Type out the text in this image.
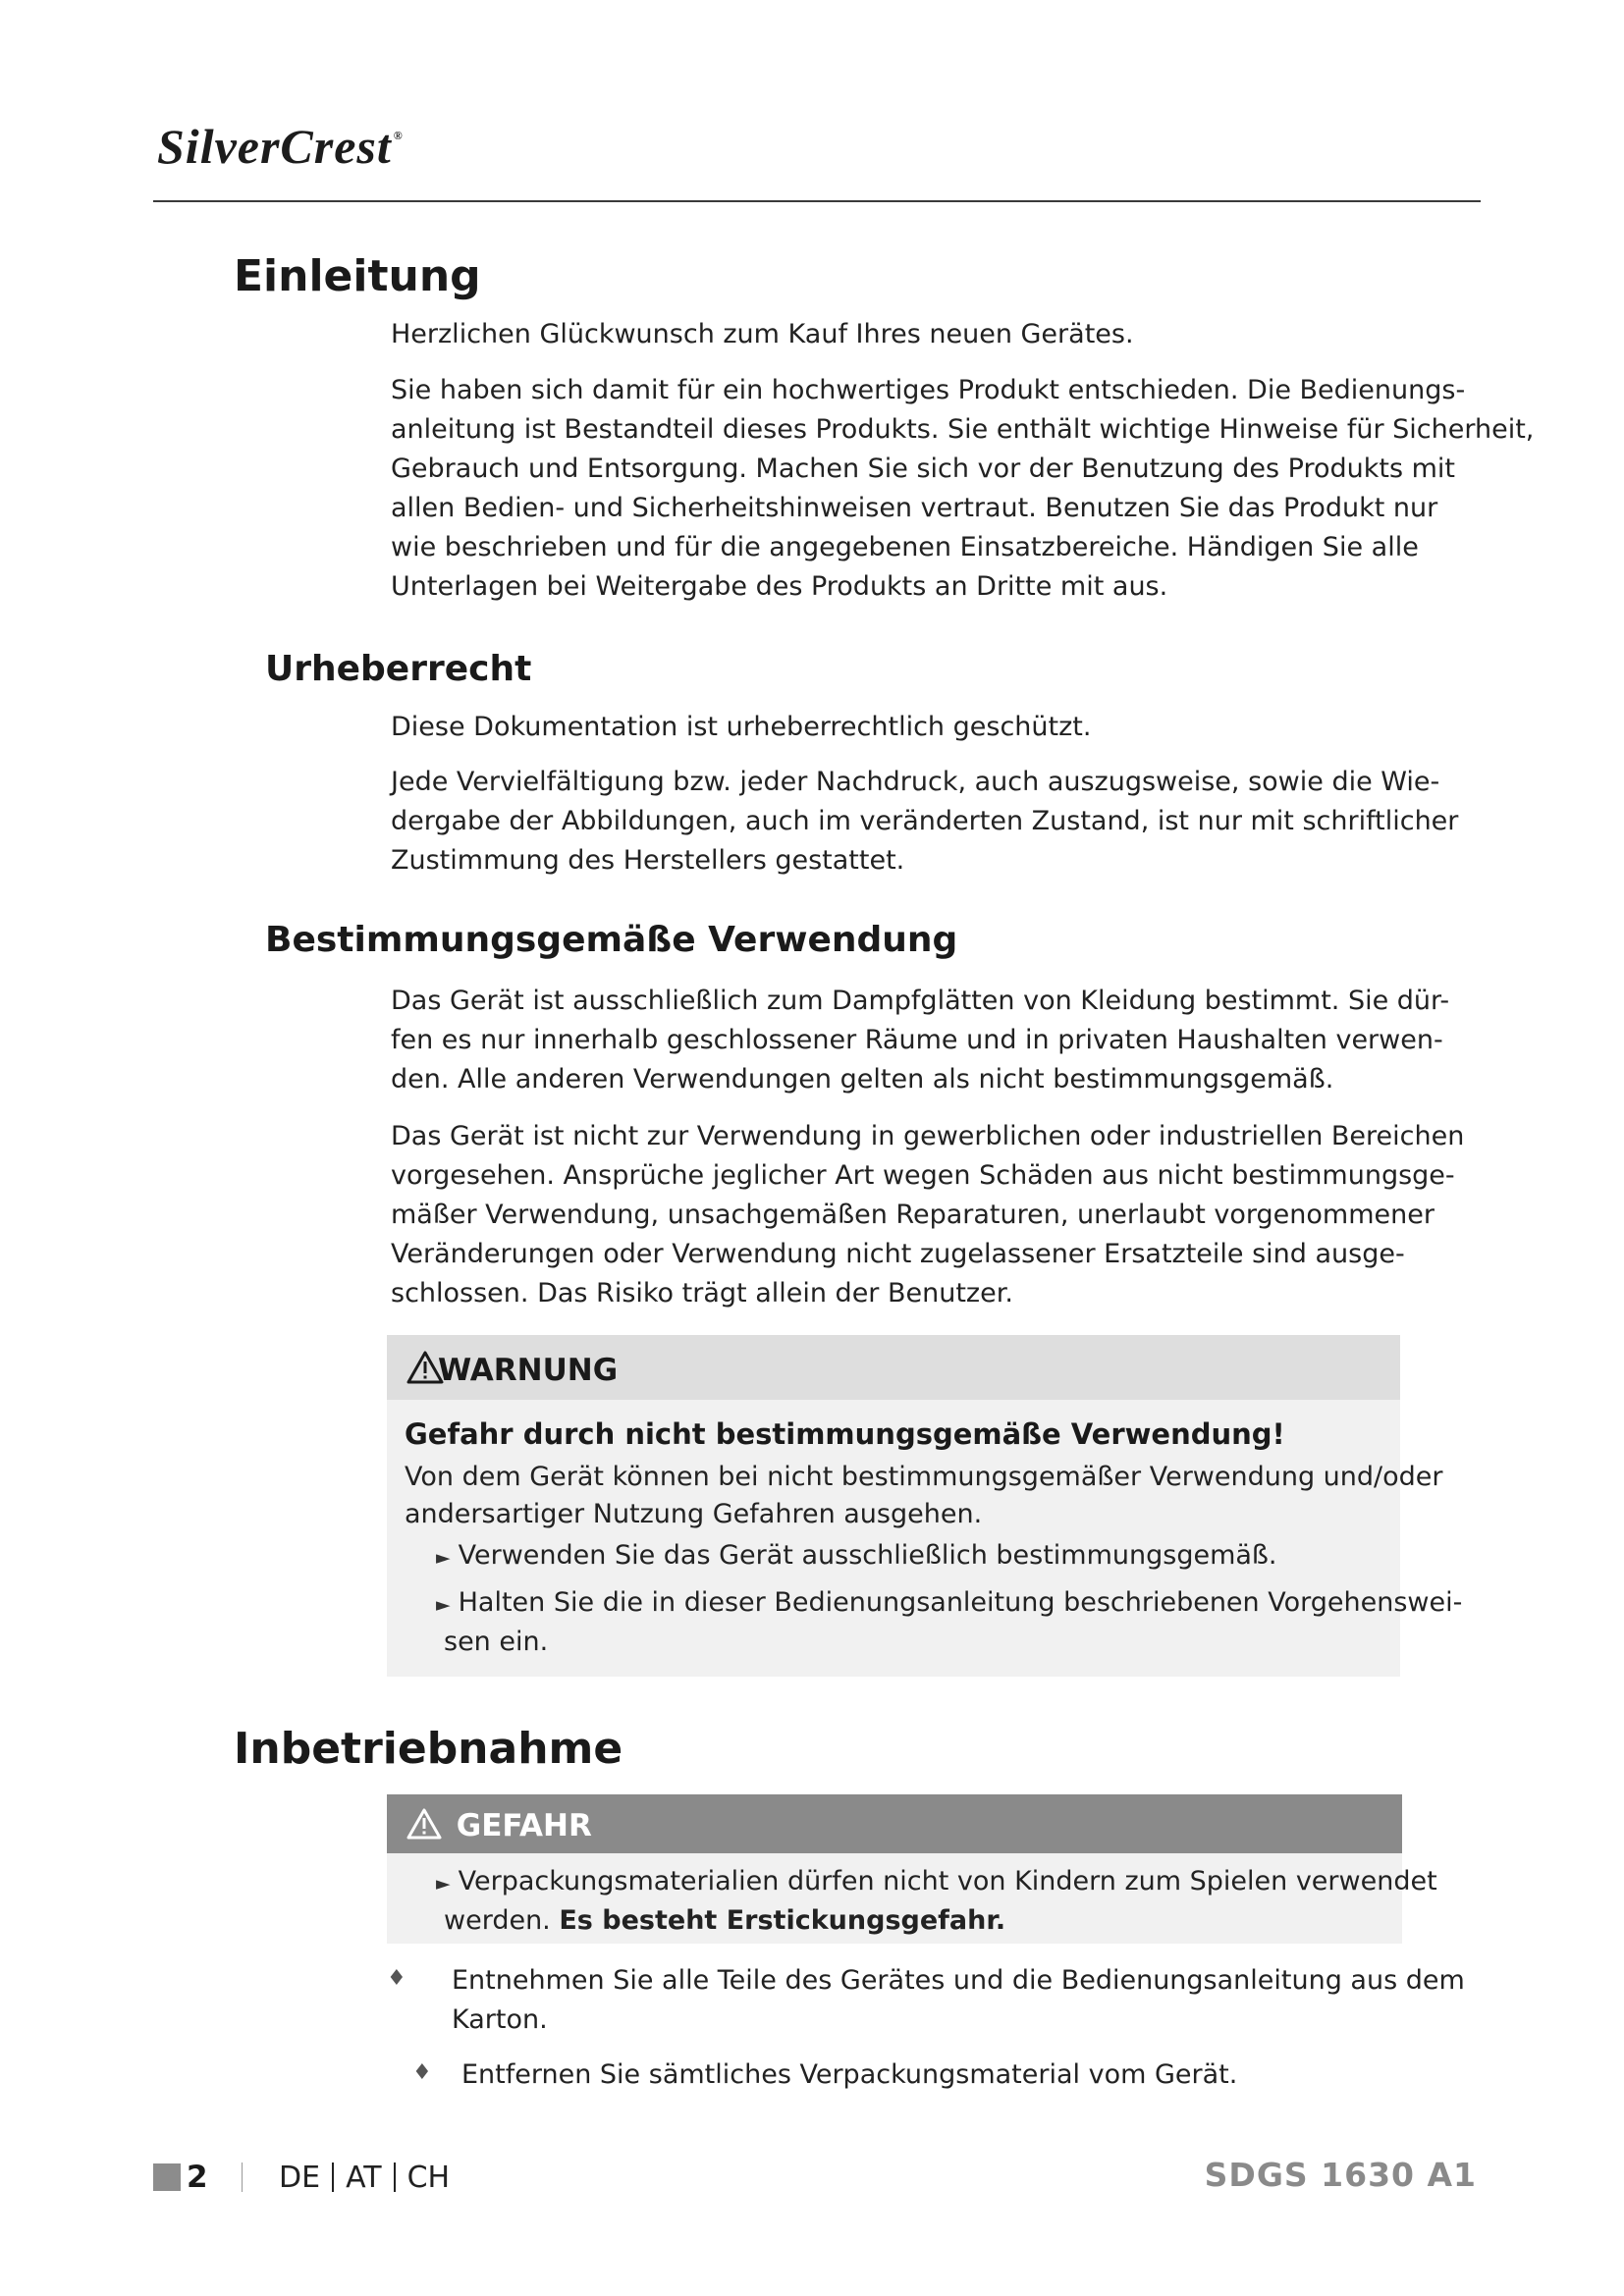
SilverCrest ®
Einleitung
Herzlichen Glückwunsch zum Kauf Ihres neuen Gerätes.
Sie haben sich damit für ein hochwertiges Produkt entschieden. Die Bedienungs-
anleitung ist Bestandteil dieses Produkts. Sie enthält wichtige Hinweise für Sicherheit,
Gebrauch und Entsorgung. Machen Sie sich vor der Benutzung des Produkts mit
allen Bedien- und Sicherheitshinweisen vertraut. Benutzen Sie das Produkt nur
wie beschrieben und für die angegebenen Einsatzbereiche. Händigen Sie alle
Unterlagen bei Weitergabe des Produkts an Dritte mit aus.
Urheberrecht
Diese Dokumentation ist urheberrechtlich geschützt.
Jede Vervielfältigung bzw. jeder Nachdruck, auch auszugsweise, sowie die Wie-
dergabe der Abbildungen, auch im veränderten Zustand, ist nur mit schriftlicher
Zustimmung des Herstellers gestattet.
Bestimmungsgemäße Verwendung
Das Gerät ist ausschließlich zum Dampfglätten von Kleidung bestimmt. Sie dür-
fen es nur innerhalb geschlossener Räume und in privaten Haushalten verwen-
den. Alle anderen Verwendungen gelten als nicht bestimmungsgemäß.
Das Gerät ist nicht zur Verwendung in gewerblichen oder industriellen Bereichen
vorgesehen. Ansprüche jeglicher Art wegen Schäden aus nicht bestimmungsge-
mäßer Verwendung, unsachgemäßen Reparaturen, unerlaubt vorgenommener
Veränderungen oder Verwendung nicht zugelassener Ersatzteile sind ausge-
schlossen. Das Risiko trägt allein der Benutzer.
WARNUNG
Gefahr durch nicht bestimmungsgemäße Verwendung!
Von dem Gerät können bei nicht bestimmungsgemäßer Verwendung und/oder
andersartiger Nutzung Gefahren ausgehen.
► Verwenden Sie das Gerät ausschließlich bestimmungsgemäß.
► Halten Sie die in dieser Bedienungsanleitung beschriebenen Vorgehenswei-
sen ein.
Inbetriebnahme
GEFAHR
► Verpackungsmaterialien dürfen nicht von Kindern zum Spielen verwendet
werden. Es besteht Erstickungsgefahr.
♦ Entnehmen Sie alle Teile des Gerätes und die Bedienungsanleitung aus dem
Karton.
♦ Entfernen Sie sämtliches Verpackungsmaterial vom Gerät.
2 DE AT CH	SDGS 1630 A1
